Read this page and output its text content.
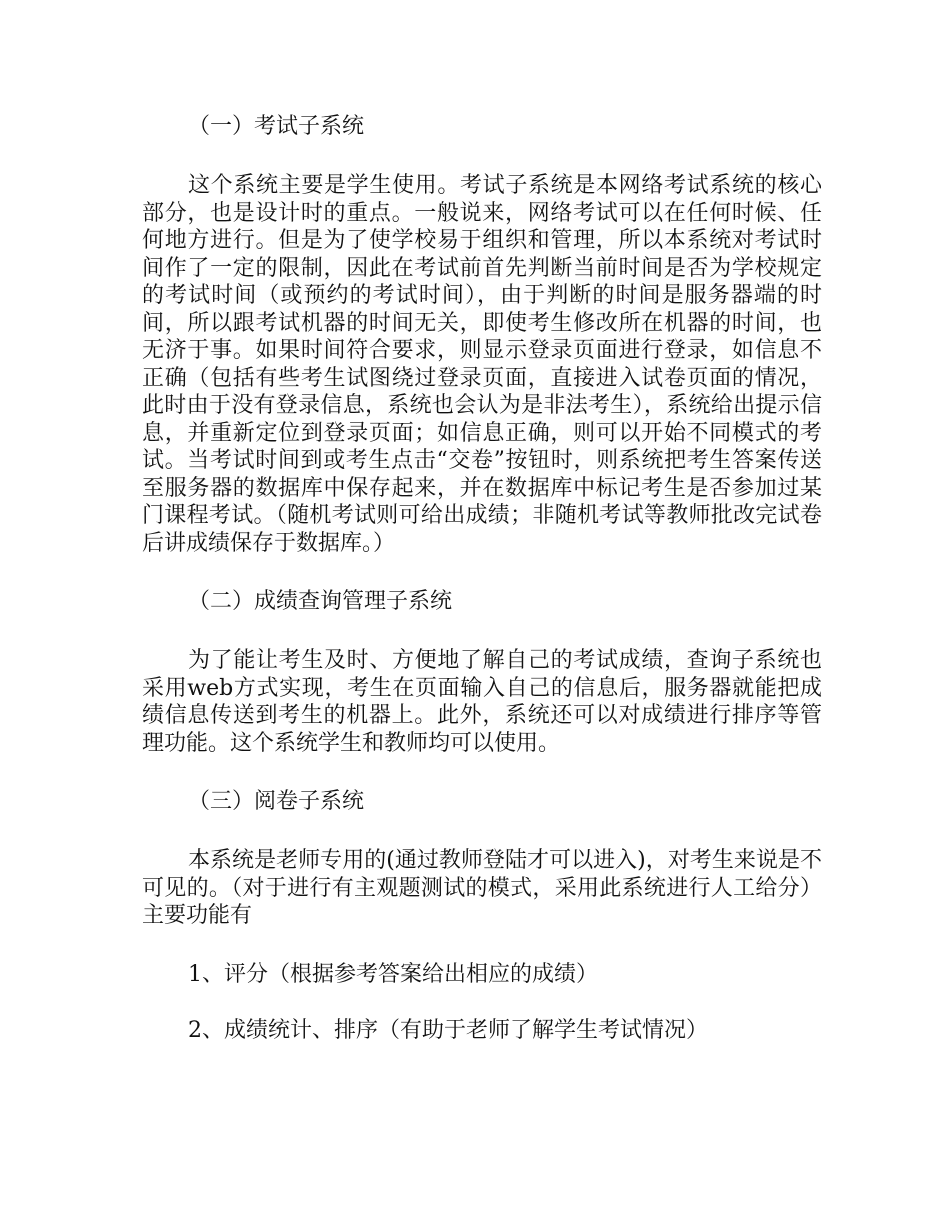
（一）考试子系统

这个系统主要是学生使用。考试子系统是本网络考试系统的核心部分，也是设计时的重点。一般说来，网络考试可以在任何时候、任何地方进行。但是为了使学校易于组织和管理，所以本系统对考试时间作了一定的限制，因此在考试前首先判断当前时间是否为学校规定的考试时间（或预约的考试时间），由于判断的时间是服务器端的时间，所以跟考试机器的时间无关，即使考生修改所在机器的时间，也无济于事。如果时间符合要求，则显示登录页面进行登录，如信息不正确（包括有些考生试图绕过登录页面，直接进入试卷页面的情况，此时由于没有登录信息，系统也会认为是非法考生），系统给出提示信息，并重新定位到登录页面；如信息正确，则可以开始不同模式的考试。当考试时间到或考生点击“交卷”按钮时，则系统把考生答案传送至服务器的数据库中保存起来，并在数据库中标记考生是否参加过某门课程考试。（随机考试则可给出成绩；非随机考试等教师批改完试卷后讲成绩保存于数据库。）

（二）成绩查询管理子系统

为了能让考生及时、方便地了解自己的考试成绩，查询子系统也采用web方式实现，考生在页面输入自己的信息后，服务器就能把成绩信息传送到考生的机器上。此外，系统还可以对成绩进行排序等管理功能。这个系统学生和教师均可以使用。

（三）阅卷子系统

本系统是老师专用的(通过教师登陆才可以进入)，对考生来说是不可见的。（对于进行有主观题测试的模式，采用此系统进行人工给分）主要功能有

1、评分（根据参考答案给出相应的成绩）
2、成绩统计、排序（有助于老师了解学生考试情况）
